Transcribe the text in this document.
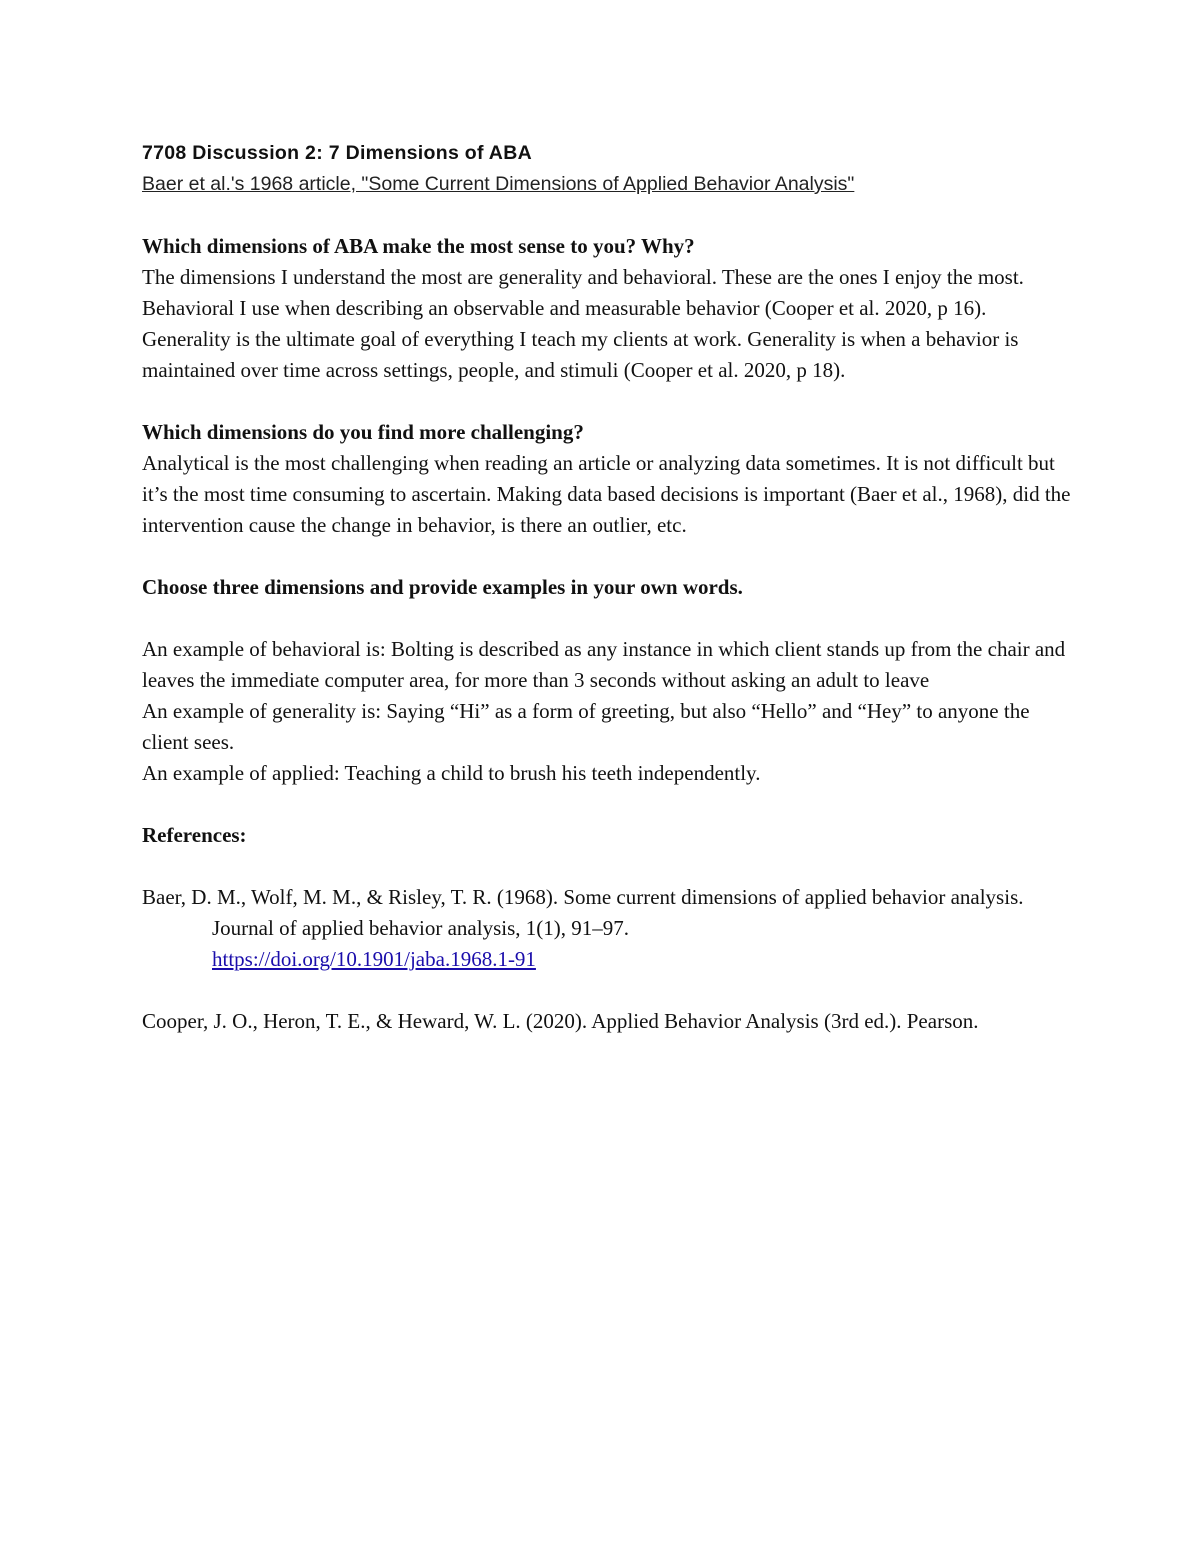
7708 Discussion 2: 7 Dimensions of ABA

Baer et al.'s 1968 article, "Some Current Dimensions of Applied Behavior Analysis"

Which dimensions of ABA make the most sense to you? Why?

The dimensions I understand the most are generality and behavioral. These are the ones I enjoy the most. Behavioral I use when describing an observable and measurable behavior (Cooper et al. 2020, p 16). Generality is the ultimate goal of everything I teach my clients at work. Generality is when a behavior is maintained over time across settings, people, and stimuli (Cooper et al. 2020, p 18).

Which dimensions do you find more challenging?

Analytical is the most challenging when reading an article or analyzing data sometimes. It is not difficult but it’s the most time consuming to ascertain. Making data based decisions is important (Baer et al., 1968), did the intervention cause the change in behavior, is there an outlier, etc.

Choose three dimensions and provide examples in your own words.

An example of behavioral is: Bolting is described as any instance in which client stands up from the chair and leaves the immediate computer area, for more than 3 seconds without asking an adult to leave

An example of generality is: Saying “Hi” as a form of greeting, but also “Hello” and “Hey” to anyone the client sees.

An example of applied: Teaching a child to brush his teeth independently.

References:

Baer, D. M., Wolf, M. M., & Risley, T. R. (1968). Some current dimensions of applied behavior analysis. Journal of applied behavior analysis, 1(1), 91–97.
https://doi.org/10.1901/jaba.1968.1-91

Cooper, J. O., Heron, T. E., & Heward, W. L. (2020). Applied Behavior Analysis (3rd ed.). Pearson.
